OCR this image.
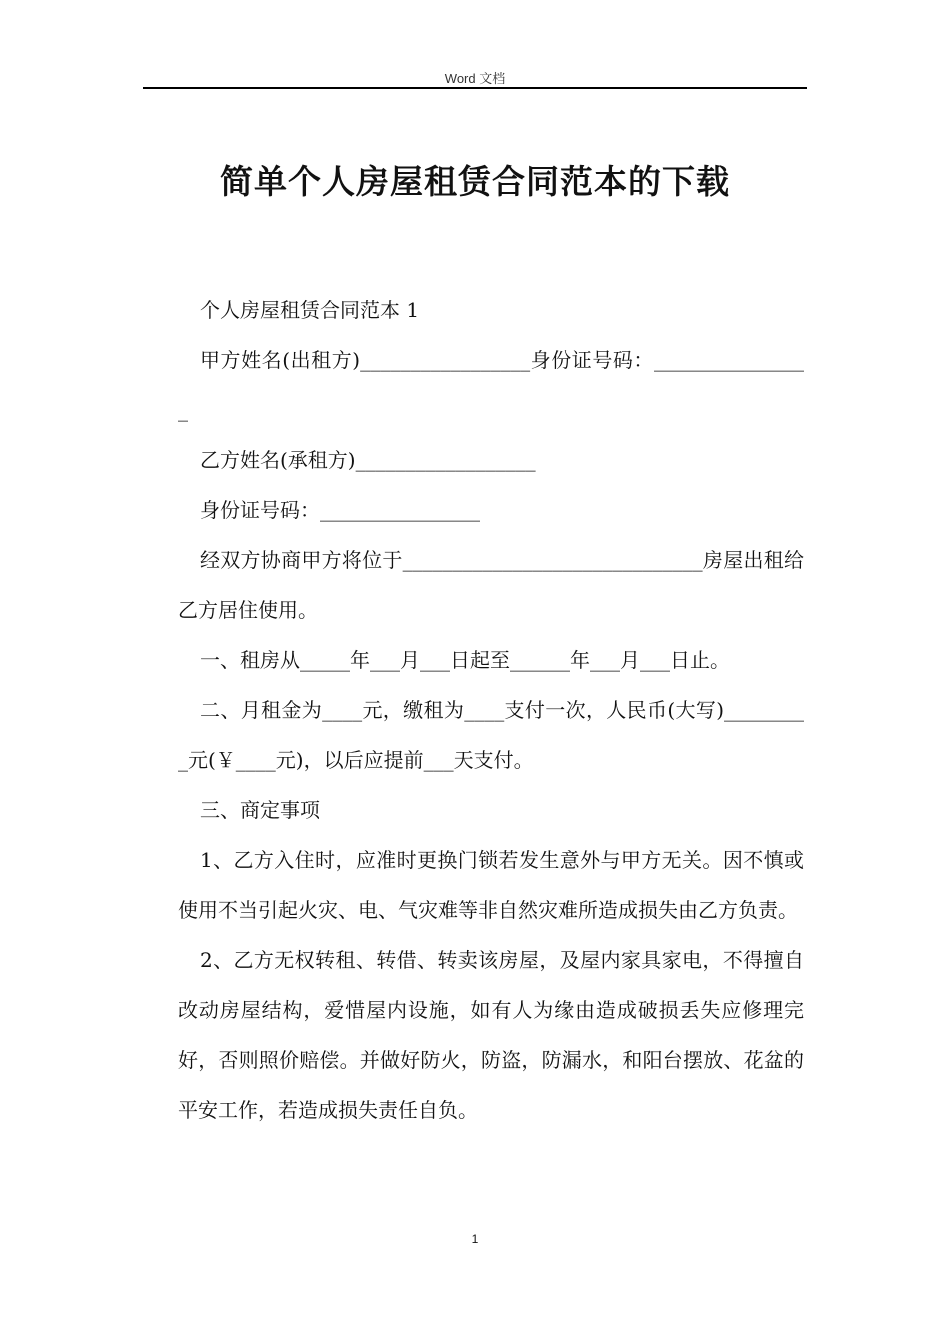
Word 文档
简单个人房屋租赁合同范本的下载

个人房屋租赁合同范本 1

甲方姓名(出租方)_________________身份证号码：________________

乙方姓名(承租方)__________________

身份证号码：________________

经双方协商甲方将位于______________________________房屋出租给乙方居住使用。

一、租房从_____年___月___日起至______年___月___日止。

二、月租金为____元，缴租为____支付一次，人民币(大写)_________元(￥____元)，以后应提前___天支付。

三、商定事项

1、乙方入住时，应准时更换门锁若发生意外与甲方无关。因不慎或使用不当引起火灾、电、气灾难等非自然灾难所造成损失由乙方负责。

2、乙方无权转租、转借、转卖该房屋，及屋内家具家电，不得擅自改动房屋结构，爱惜屋内设施，如有人为缘由造成破损丢失应修理完好，否则照价赔偿。并做好防火，防盗，防漏水，和阳台摆放、花盆的平安工作，若造成损失责任自负。

1
